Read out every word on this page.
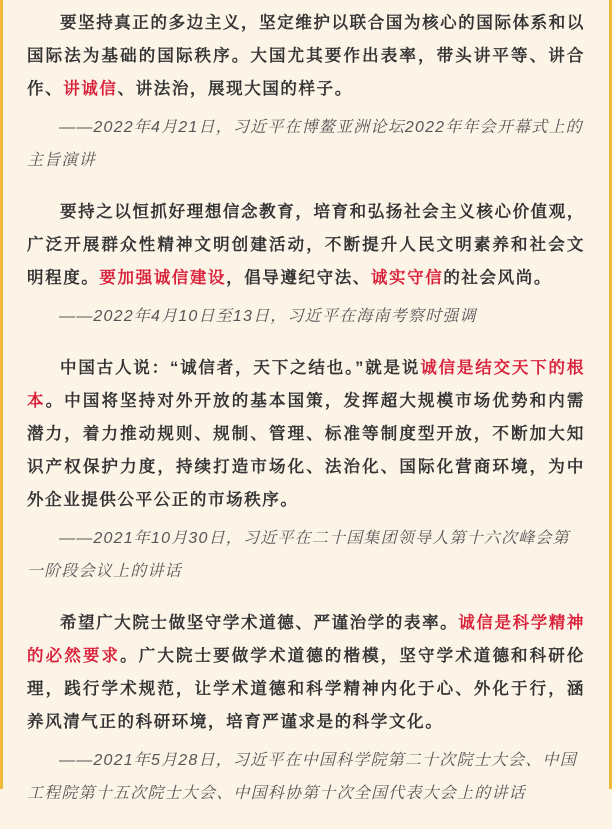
要坚持真正的多边主义，坚定维护以联合国为核心的国际体系和以国际法为基础的国际秩序。大国尤其要作出表率，带头讲平等、讲合作、讲诚信、讲法治，展现大国的样子。

——2022年4月21日，习近平在博鳌亚洲论坛2022年年会开幕式上的主旨演讲

要持之以恒抓好理想信念教育，培育和弘扬社会主义核心价值观，广泛开展群众性精神文明创建活动，不断提升人民文明素养和社会文明程度。要加强诚信建设，倡导遵纪守法、诚实守信的社会风尚。

——2022年4月10日至13日，习近平在海南考察时强调

中国古人说：“诚信者，天下之结也。”就是说诚信是结交天下的根本。中国将坚持对外开放的基本国策，发挥超大规模市场优势和内需潜力，着力推动规则、规制、管理、标准等制度型开放，不断加大知识产权保护力度，持续打造市场化、法治化、国际化营商环境，为中外企业提供公平公正的市场秩序。

——2021年10月30日，习近平在二十国集团领导人第十六次峰会第一阶段会议上的讲话

希望广大院士做坚守学术道德、严谨治学的表率。诚信是科学精神的必然要求。广大院士要做学术道德的楷模，坚守学术道德和科研伦理，践行学术规范，让学术道德和科学精神内化于心、外化于行，涵养风清气正的科研环境，培育严谨求是的科学文化。

——2021年5月28日，习近平在中国科学院第二十次院士大会、中国工程院第十五次院士大会、中国科协第十次全国代表大会上的讲话
